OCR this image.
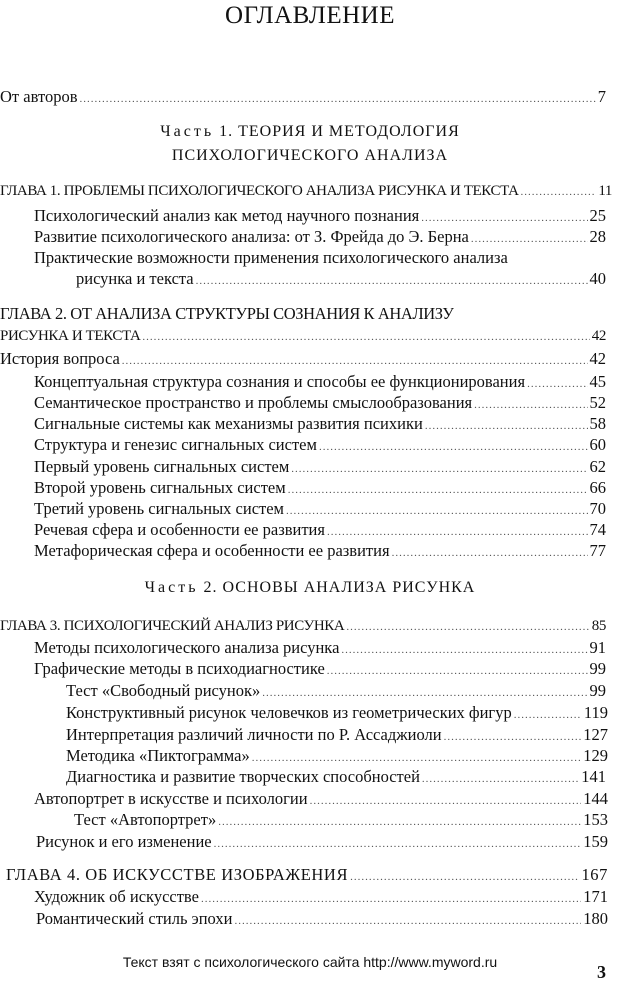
ОГЛАВЛЕНИЕ
От авторов .....	7
Часть 1. ТЕОРИЯ И МЕТОДОЛОГИЯ
ПСИХОЛОГИЧЕСКОГО АНАЛИЗА
ГЛАВА 1. ПРОБЛЕМЫ ПСИХОЛОГИЧЕСКОГО АНАЛИЗА РИСУНКА И ТЕКСТА .....	11
Психологический анализ как метод научного познания .....	25
Развитие психологического анализа: от З. Фрейда до Э. Берна .....	28
Практические возможности применения психологического анализа
рисунка и текста .....	40
ГЛАВА 2. ОТ АНАЛИЗА СТРУКТУРЫ СОЗНАНИЯ К АНАЛИЗУ
РИСУНКА И ТЕКСТА .....	42
История вопроса .....	42
Концептуальная структура сознания и способы ее функционирования .....	45
Семантическое пространство и проблемы смыслообразования .....	52
Сигнальные системы как механизмы развития психики .....	58
Структура и генезис сигнальных систем .....	60
Первый уровень сигнальных систем .....	62
Второй уровень сигнальных систем .....	66
Третий уровень сигнальных систем .....	70
Речевая сфера и особенности ее развития .....	74
Метафорическая сфера и особенности ее развития .....	77
Часть 2. ОСНОВЫ АНАЛИЗА РИСУНКА
ГЛАВА 3. ПСИХОЛОГИЧЕСКИЙ АНАЛИЗ РИСУНКА .....	85
Методы психологического анализа рисунка .....	91
Графические методы в психодиагностике .....	99
Тест «Свободный рисунок» .....	99
Конструктивный рисунок человечков из геометрических фигур .....	119
Интерпретация различий личности по Р. Ассаджиоли .....	127
Методика «Пиктограмма» .....	129
Диагностика и развитие творческих способностей .....	141
Автопортрет в искусстве и психологии .....	144
Тест «Автопортрет» .....	153
Рисунок и его изменение .....	159
ГЛАВА 4. ОБ ИСКУССТВЕ ИЗОБРАЖЕНИЯ .....	167
Художник об искусстве .....	171
Романтический стиль эпохи .....	180
Текст взят с психологического сайта http://www.myword.ru	3
